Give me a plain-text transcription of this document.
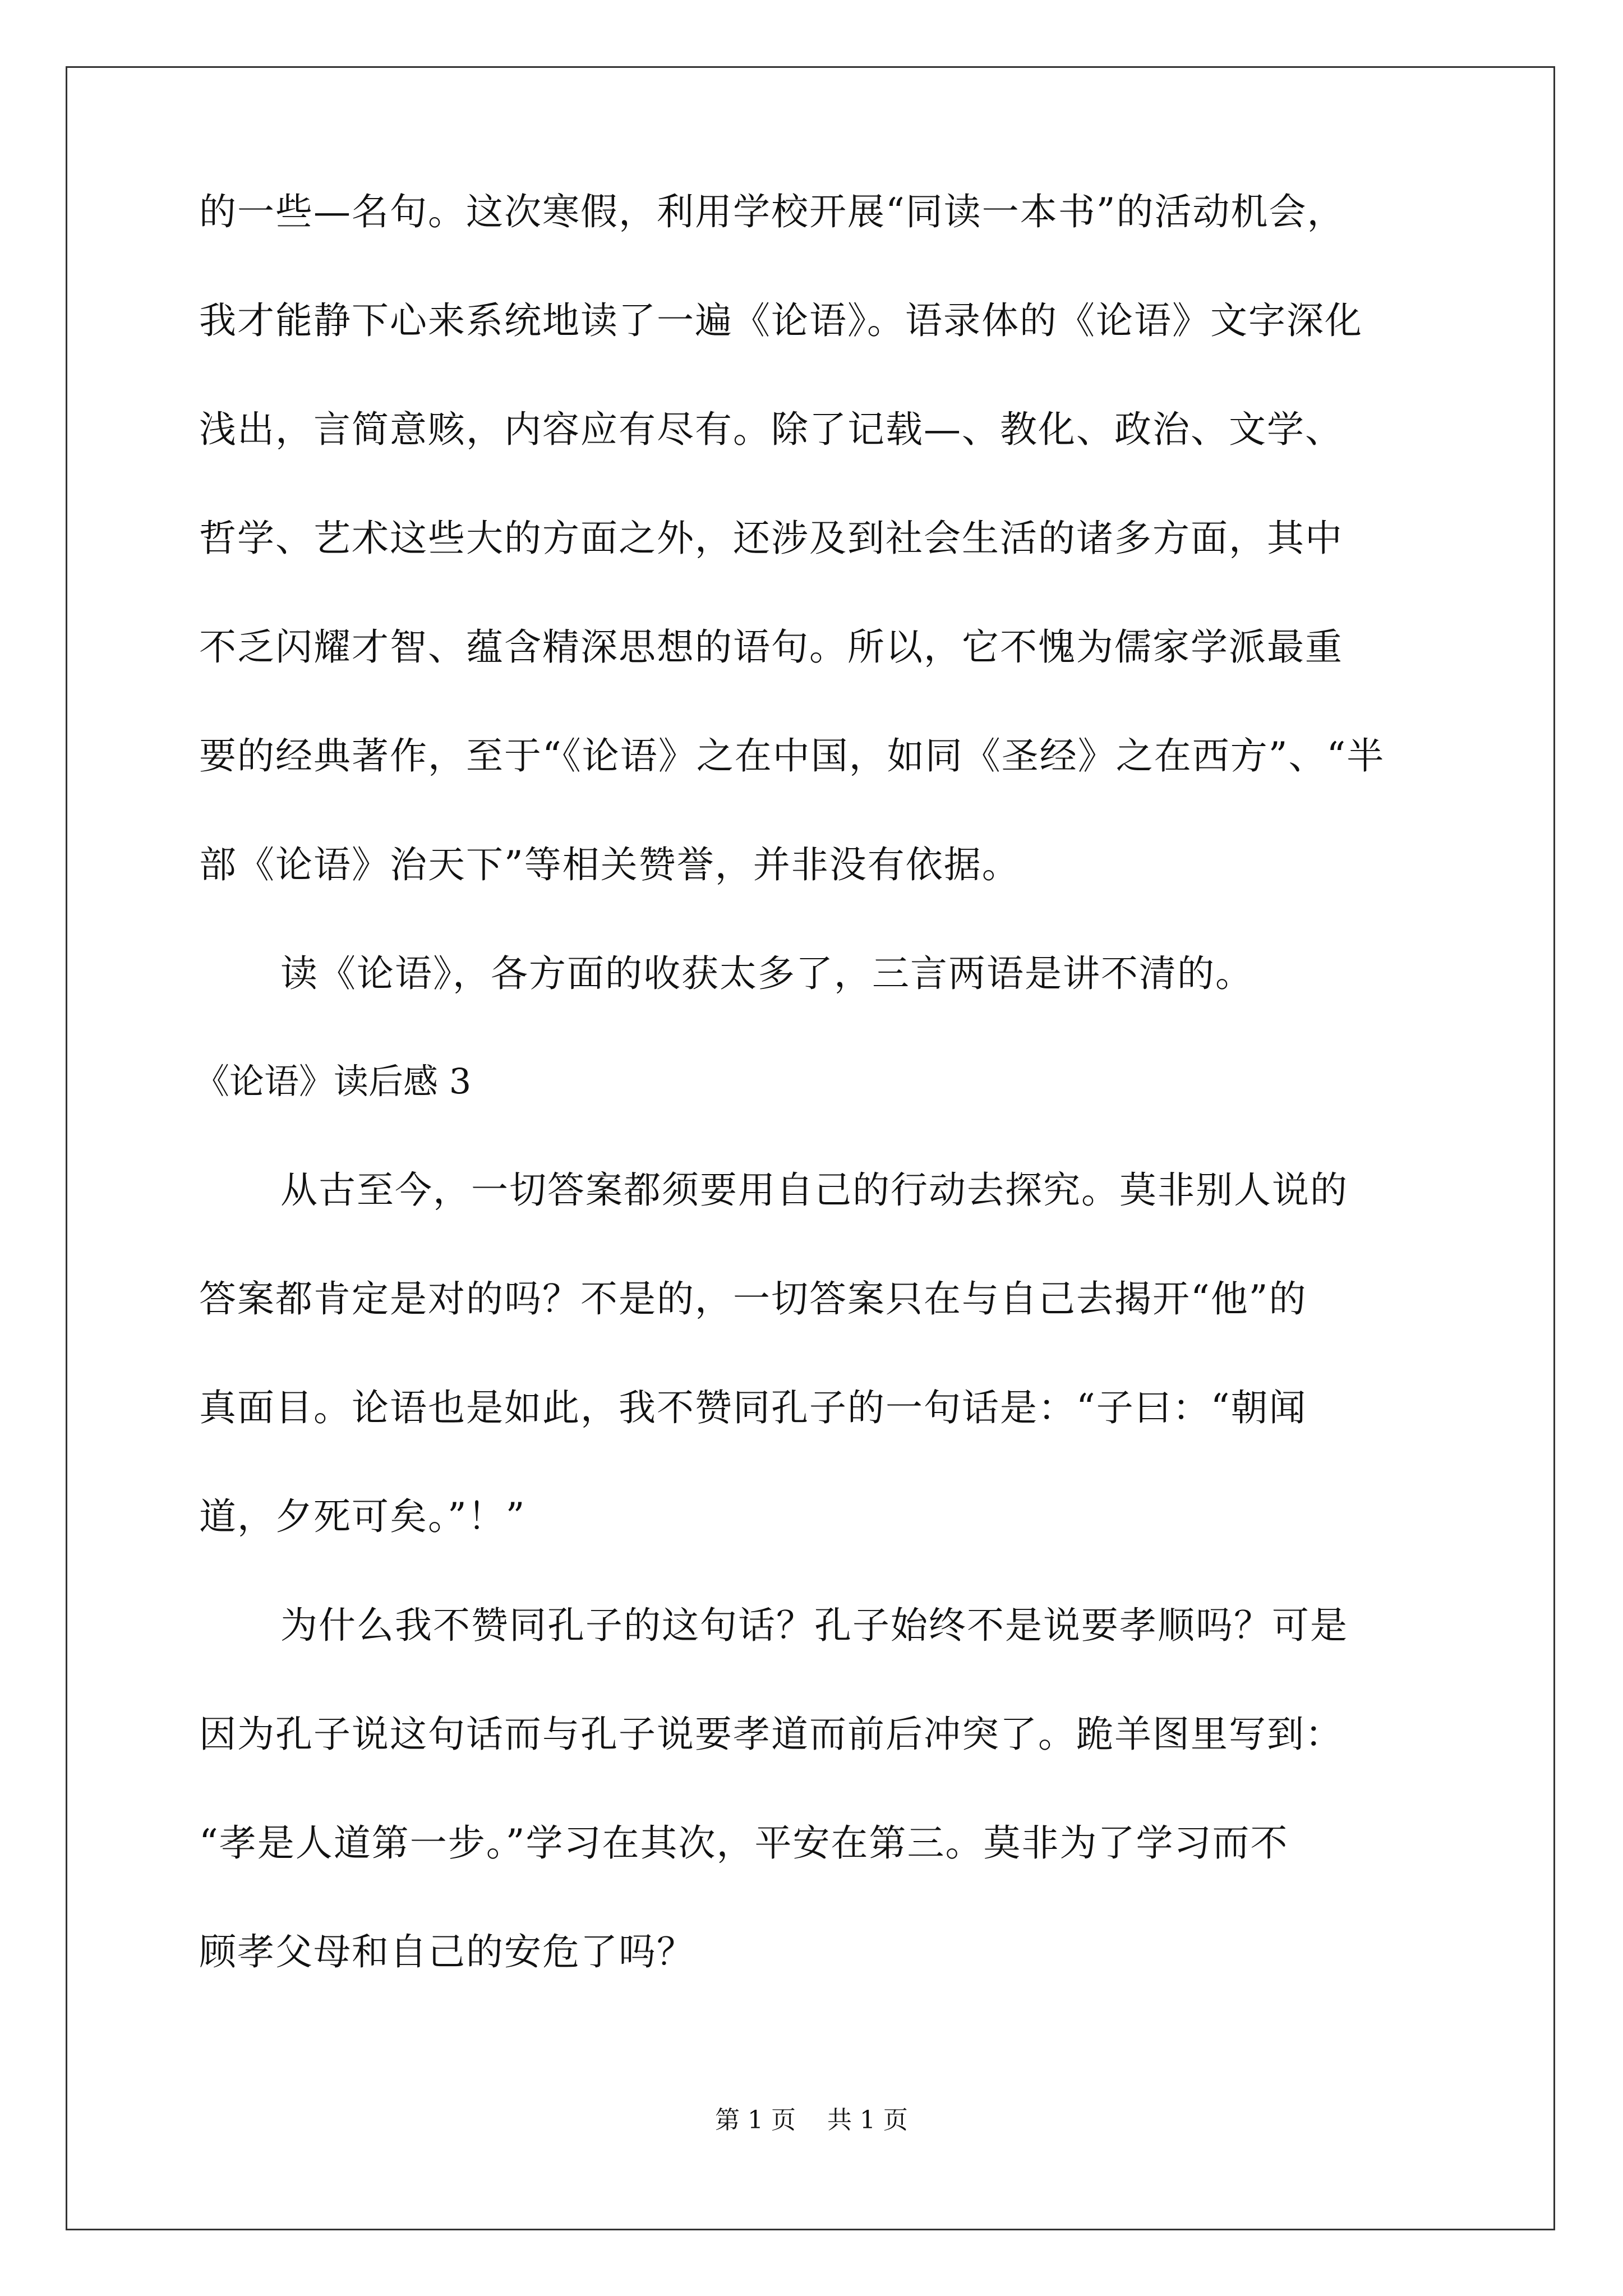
的一些—名句。这次寒假，利用学校开展“同读一本书”的活动机会，
我才能静下心来系统地读了一遍《论语》。语录体的《论语》文字深化
浅出，言简意赅，内容应有尽有。除了记载—、教化、政治、文学、
哲学、艺术这些大的方面之外，还涉及到社会生活的诸多方面，其中
不乏闪耀才智、蕴含精深思想的语句。所以，它不愧为儒家学派最重
要的经典著作，至于“《论语》之在中国，如同《圣经》之在西方”、“半
部《论语》治天下”等相关赞誉，并非没有依据。
读《论语》，各方面的收获太多了，三言两语是讲不清的。
《论语》读后感 3
从古至今，一切答案都须要用自己的行动去探究。莫非别人说的
答案都肯定是对的吗？不是的，一切答案只在与自己去揭开“他”的
真面目。论语也是如此，我不赞同孔子的一句话是：“子曰：“朝闻
道，夕死可矣。”！”
为什么我不赞同孔子的这句话？孔子始终不是说要孝顺吗？可是
因为孔子说这句话而与孔子说要孝道而前后冲突了。跪羊图里写到：
“孝是人道第一步。”学习在其次，平安在第三。莫非为了学习而不
顾孝父母和自己的安危了吗？
第 1 页    共 1 页
